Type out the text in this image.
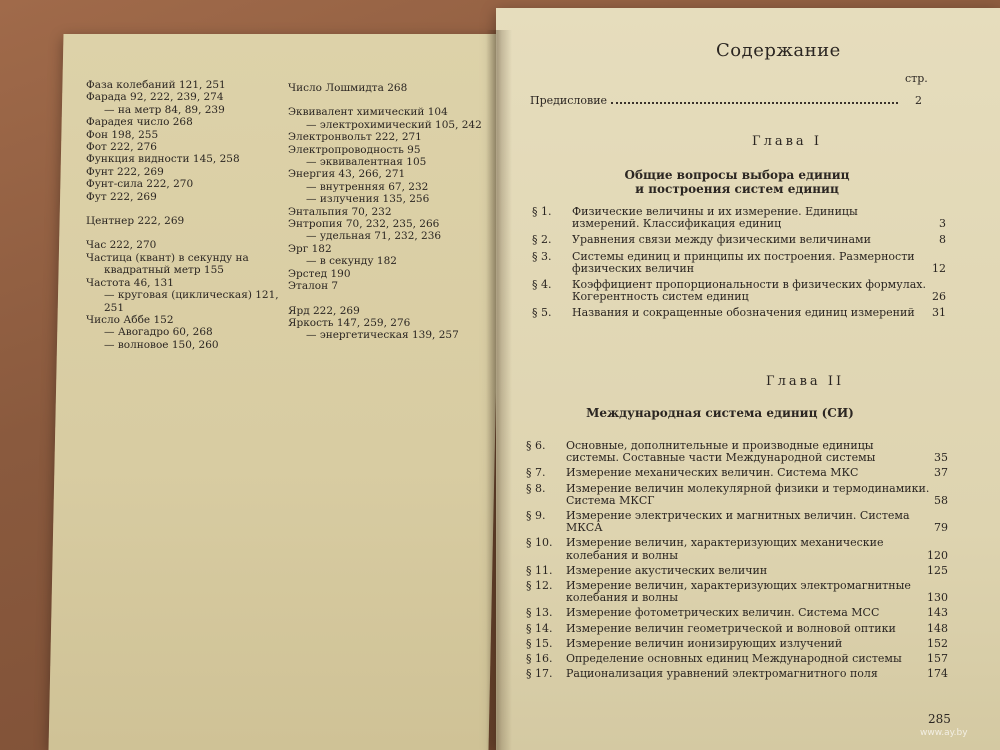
Фаза колебаний 121, 251
Фарада 92, 222, 239, 274
— на метр 84, 89, 239
Фарадея число 268
Фон 198, 255
Фот 222, 276
Функция видности 145, 258
Фунт 222, 269
Фунт-сила 222, 270
Фут 222, 269
Центнер 222, 269
Час 222, 270
Частица (квант) в секунду на
квадратный метр 155
Частота 46, 131
— круговая (циклическая) 121,
251
Число Аббе 152
— Авогадро 60, 268
— волновое 150, 260
Число Лошмидта 268
Эквивалент химический 104
— электрохимический 105, 242
Электронвольт 222, 271
Электропроводность 95
— эквивалентная 105
Энергия 43, 266, 271
— внутренняя 67, 232
— излучения 135, 256
Энтальпия 70, 232
Энтропия 70, 232, 235, 266
— удельная 71, 232, 236
Эрг 182
— в секунду 182
Эрстед 190
Эталон 7
Ярд 222, 269
Яркость 147, 259, 276
— энергетическая 139, 257
Содержание
стр.
Предисловие	2
Глава I
Общие вопросы выбора единиц
и построения систем единиц
§ 1.	Физические величины и их измерение. Единицы измерений. Классификация единиц	3
§ 2.	Уравнения связи между физическими величинами	8
§ 3.	Системы единиц и принципы их построения. Размерности физических величин	12
§ 4.	Коэффициент пропорциональности в физических формулах. Когерентность систем единиц	26
§ 5.	Названия и сокращенные обозначения единиц измерений	31
Глава II
Международная система единиц (СИ)
§ 6.	Основные, дополнительные и производные единицы системы. Составные части Международной системы	35
§ 7.	Измерение механических величин. Система МКС	37
§ 8.	Измерение величин молекулярной физики и термодинамики. Система МКСГ	58
§ 9.	Измерение электрических и магнитных величин. Система МКСА	79
§ 10.	Измерение величин, характеризующих механические колебания и волны	120
§ 11.	Измерение акустических величин	125
§ 12.	Измерение величин, характеризующих электромагнитные колебания и волны	130
§ 13.	Измерение фотометрических величин. Система МСС	143
§ 14.	Измерение величин геометрической и волновой оптики	148
§ 15.	Измерение величин ионизирующих излучений	152
§ 16.	Определение основных единиц Международной системы	157
§ 17.	Рационализация уравнений электромагнитного поля	174
285
www.ay.by
